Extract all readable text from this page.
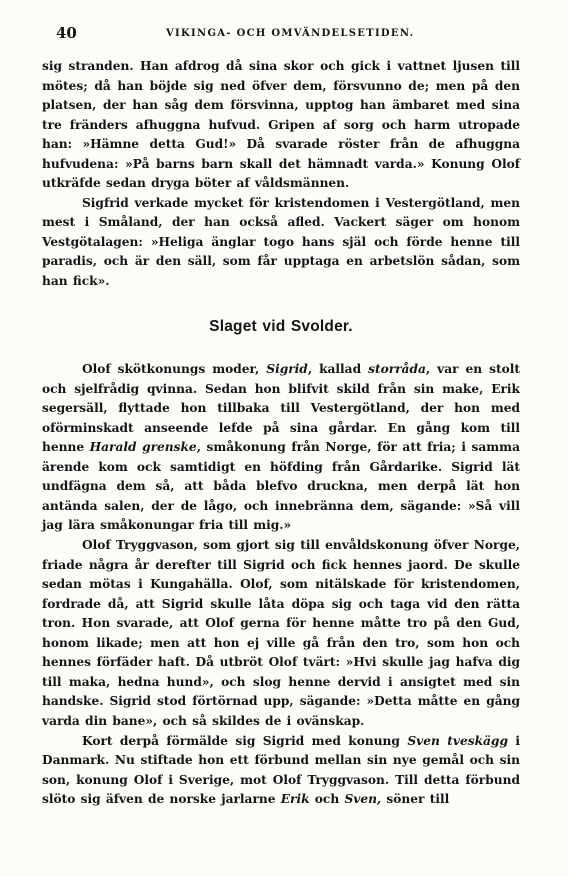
40	VIKINGA- OCH OMVÄNDELSETIDEN.

sig stranden. Han afdrog då sina skor och gick i vattnet ljusen till mötes; då han böjde sig ned öfver dem, försvunno de; men på den platsen, der han såg dem försvinna, upptog han ämbaret med sina tre fränders afhuggna hufvud. Gripen af sorg och harm utropade han: »Hämne detta Gud!» Då svarade röster från de afhuggna hufvudena: »På barns barn skall det hämnadt varda.» Konung Olof utkräfde sedan dryga böter af våldsmännen.

Sigfrid verkade mycket för kristendomen i Vestergötland, men mest i Småland, der han också afled. Vackert säger om honom Vestgötalagen: »Heliga änglar togo hans själ och förde henne till paradis, och är den säll, som får upptaga en arbetslön sådan, som han fick».

Slaget vid Svolder.

Olof skötkonungs moder, Sigrid, kallad storråda, var en stolt och sjelfrådig qvinna. Sedan hon blifvit skild från sin make, Erik segersäll, flyttade hon tillbaka till Vestergötland, der hon med oförminskadt anseende lefde på sina gårdar. En gång kom till henne Harald grenske, småkonung från Norge, för att fria; i samma ärende kom ock samtidigt en höfding från Gårdarike. Sigrid lät undfägna dem så, att båda blefvo druckna, men derpå lät hon antända salen, der de lågo, och innebränna dem, sägande: »Så vill jag lära småkonungar fria till mig.»

Olof Tryggvason, som gjort sig till envåldskonung öfver Norge, friade några år derefter till Sigrid och fick hennes jaord. De skulle sedan mötas i Kungahälla. Olof, som nitälskade för kristendomen, fordrade då, att Sigrid skulle låta döpa sig och taga vid den rätta tron. Hon svarade, att Olof gerna för henne måtte tro på den Gud, honom likade; men att hon ej ville gå från den tro, som hon och hennes förfäder haft. Då utbröt Olof tvärt: »Hvi skulle jag hafva dig till maka, hedna hund», och slog henne dervid i ansigtet med sin handske. Sigrid stod förtörnad upp, sägande: »Detta måtte en gång varda din bane», och så skildes de i ovänskap.

Kort derpå förmälde sig Sigrid med konung Sven tveskägg i Danmark. Nu stiftade hon ett förbund mellan sin nye gemål och sin son, konung Olof i Sverige, mot Olof Tryggvason. Till detta förbund slöto sig äfven de norske jarlarne Erik och Sven, söner till

· · · ·
